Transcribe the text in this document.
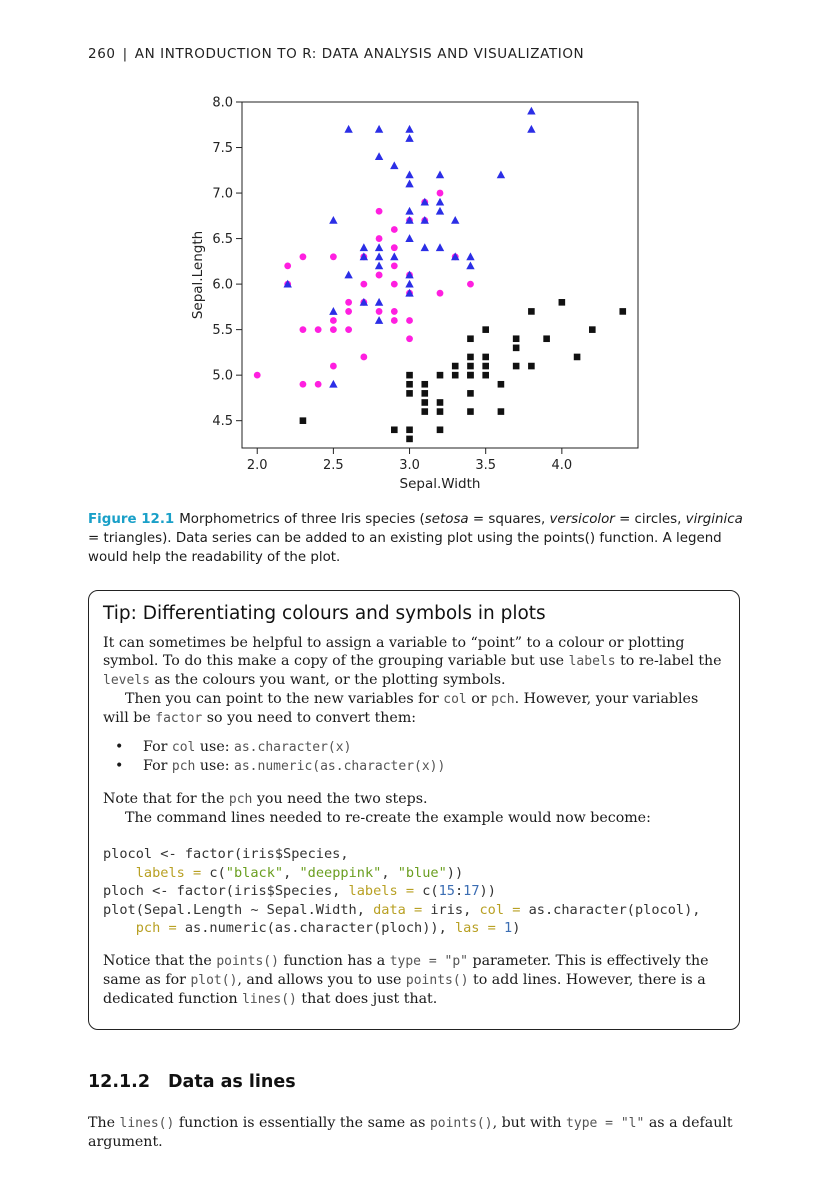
260 | AN INTRODUCTION TO R: DATA ANALYSIS AND VISUALIZATION
2.0	2.5	3.0	3.5	4.0
4.5
5.0
5.5
6.0
6.5
7.0
7.5
8.0
Sepal.Width
Sepal.Length
Figure 12.1 Morphometrics of three Iris species (setosa = squares, versicolor = circles, virginica = triangles). Data series can be added to an existing plot using the points() function. A legend would help the readability of the plot.
Tip: Differentiating colours and symbols in plots

It can sometimes be helpful to assign a variable to “point” to a colour or plotting symbol. To do this make a copy of the grouping variable but use labels to re-label the levels as the colours you want, or the plotting symbols.

Then you can point to the new variables for col or pch. However, your variables will be factor so you need to convert them:

• For col use: as.character(x)
• For pch use: as.numeric(as.character(x))

Note that for the pch you need the two steps.

The command lines needed to re-create the example would now become:

plocol <- factor(iris$Species,
labels = c("black", "deeppink", "blue"))
ploch <- factor(iris$Species, labels = c(15:17))
plot(Sepal.Length ~ Sepal.Width, data = iris, col = as.character(plocol),
pch = as.numeric(as.character(ploch)), las = 1)

Notice that the points() function has a type = "p" parameter. This is effectively the same as for plot(), and allows you to use points() to add lines. However, there is a dedicated function lines() that does just that.

12.1.2 Data as lines

The lines() function is essentially the same as points(), but with type = "l" as a default argument.
